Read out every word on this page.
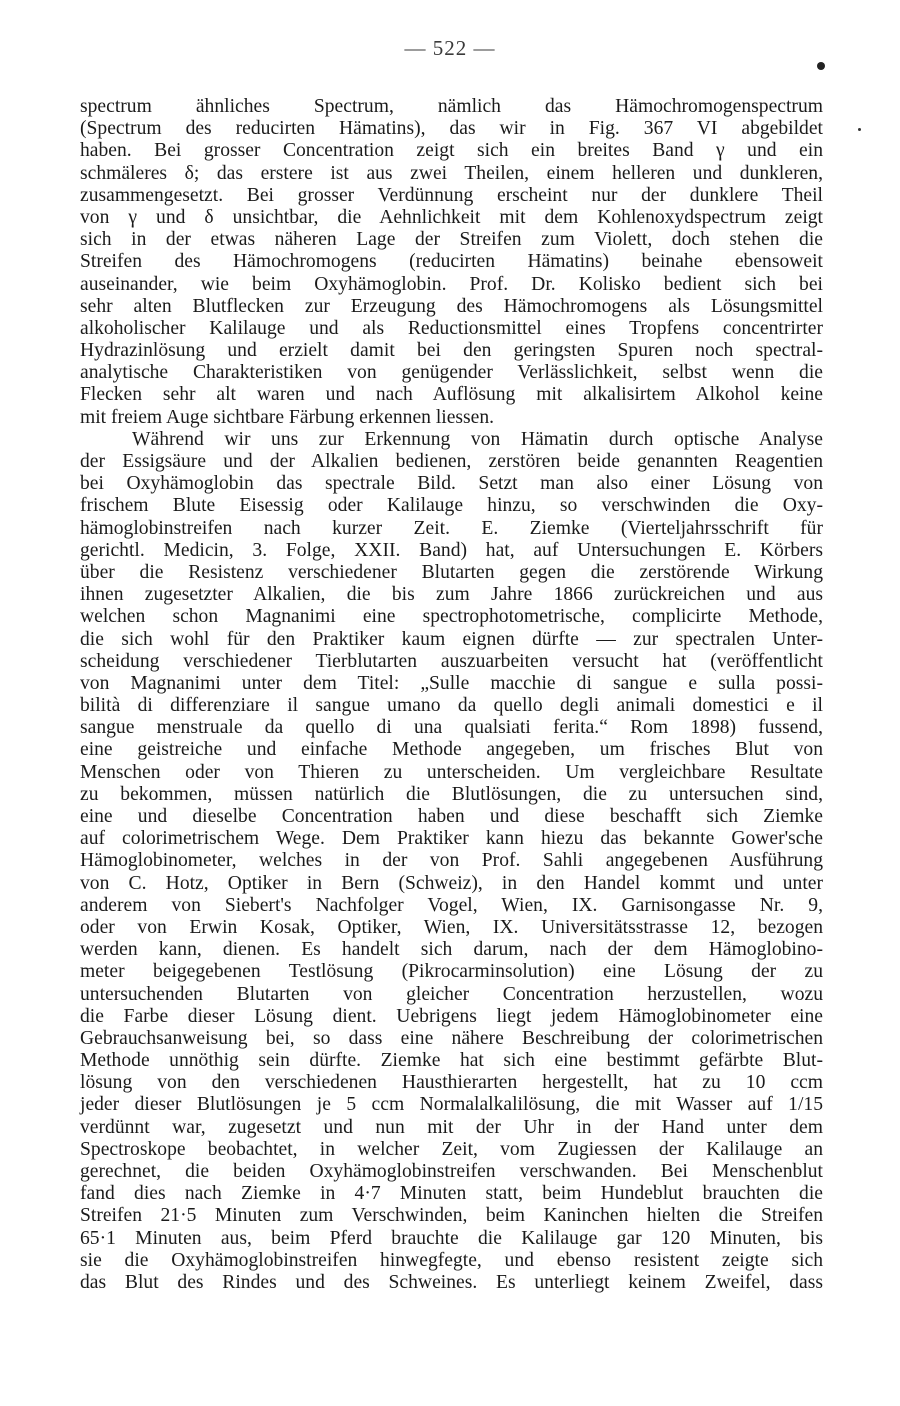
— 522 —
spectrum ähnliches Spectrum, nämlich das Hämochromogenspectrum
(Spectrum des reducirten Hämatins), das wir in Fig. 367 VI abgebildet
haben. Bei grosser Concentration zeigt sich ein breites Band γ und ein
schmäleres δ; das erstere ist aus zwei Theilen, einem helleren und dunkleren,
zusammengesetzt. Bei grosser Verdünnung erscheint nur der dunklere Theil
von γ und δ unsichtbar, die Aehnlichkeit mit dem Kohlenoxydspectrum zeigt
sich in der etwas näheren Lage der Streifen zum Violett, doch stehen die
Streifen des Hämochromogens (reducirten Hämatins) beinahe ebensoweit
auseinander, wie beim Oxyhämoglobin. Prof. Dr. Kolisko bedient sich bei
sehr alten Blutflecken zur Erzeugung des Hämochromogens als Lösungsmittel
alkoholischer Kalilauge und als Reductionsmittel eines Tropfens concentrirter
Hydrazinlösung und erzielt damit bei den geringsten Spuren noch spectral-
analytische Charakteristiken von genügender Verlässlichkeit, selbst wenn die
Flecken sehr alt waren und nach Auflösung mit alkalisirtem Alkohol keine
mit freiem Auge sichtbare Färbung erkennen liessen.
Während wir uns zur Erkennung von Hämatin durch optische Analyse
der Essigsäure und der Alkalien bedienen, zerstören beide genannten Reagentien
bei Oxyhämoglobin das spectrale Bild. Setzt man also einer Lösung von
frischem Blute Eisessig oder Kalilauge hinzu, so verschwinden die Oxy-
hämoglobinstreifen nach kurzer Zeit. E. Ziemke (Vierteljahrsschrift für
gerichtl. Medicin, 3. Folge, XXII. Band) hat, auf Untersuchungen E. Körbers
über die Resistenz verschiedener Blutarten gegen die zerstörende Wirkung
ihnen zugesetzter Alkalien, die bis zum Jahre 1866 zurückreichen und aus
welchen schon Magnanimi eine spectrophotometrische, complicirte Methode,
die sich wohl für den Praktiker kaum eignen dürfte — zur spectralen Unter-
scheidung verschiedener Tierblutarten auszuarbeiten versucht hat (veröffentlicht
von Magnanimi unter dem Titel: „Sulle macchie di sangue e sulla possi-
bilità di differenziare il sangue umano da quello degli animali domestici e il
sangue menstruale da quello di una qualsiati ferita.“ Rom 1898) fussend,
eine geistreiche und einfache Methode angegeben, um frisches Blut von
Menschen oder von Thieren zu unterscheiden. Um vergleichbare Resultate
zu bekommen, müssen natürlich die Blutlösungen, die zu untersuchen sind,
eine und dieselbe Concentration haben und diese beschafft sich Ziemke
auf colorimetrischem Wege. Dem Praktiker kann hiezu das bekannte Gower'sche
Hämoglobinometer, welches in der von Prof. Sahli angegebenen Ausführung
von C. Hotz, Optiker in Bern (Schweiz), in den Handel kommt und unter
anderem von Siebert's Nachfolger Vogel, Wien, IX. Garnisongasse Nr. 9,
oder von Erwin Kosak, Optiker, Wien, IX. Universitätsstrasse 12, bezogen
werden kann, dienen. Es handelt sich darum, nach der dem Hämoglobino-
meter beigegebenen Testlösung (Pikrocarminsolution) eine Lösung der zu
untersuchenden Blutarten von gleicher Concentration herzustellen, wozu
die Farbe dieser Lösung dient. Uebrigens liegt jedem Hämoglobinometer eine
Gebrauchsanweisung bei, so dass eine nähere Beschreibung der colorimetrischen
Methode unnöthig sein dürfte. Ziemke hat sich eine bestimmt gefärbte Blut-
lösung von den verschiedenen Hausthierarten hergestellt, hat zu 10 ccm
jeder dieser Blutlösungen je 5 ccm Normalalkalilösung, die mit Wasser auf 1/15
verdünnt war, zugesetzt und nun mit der Uhr in der Hand unter dem
Spectroskope beobachtet, in welcher Zeit, vom Zugiessen der Kalilauge an
gerechnet, die beiden Oxyhämoglobinstreifen verschwanden. Bei Menschenblut
fand dies nach Ziemke in 4·7 Minuten statt, beim Hundeblut brauchten die
Streifen 21·5 Minuten zum Verschwinden, beim Kaninchen hielten die Streifen
65·1 Minuten aus, beim Pferd brauchte die Kalilauge gar 120 Minuten, bis
sie die Oxyhämoglobinstreifen hinwegfegte, und ebenso resistent zeigte sich
das Blut des Rindes und des Schweines. Es unterliegt keinem Zweifel, dass
